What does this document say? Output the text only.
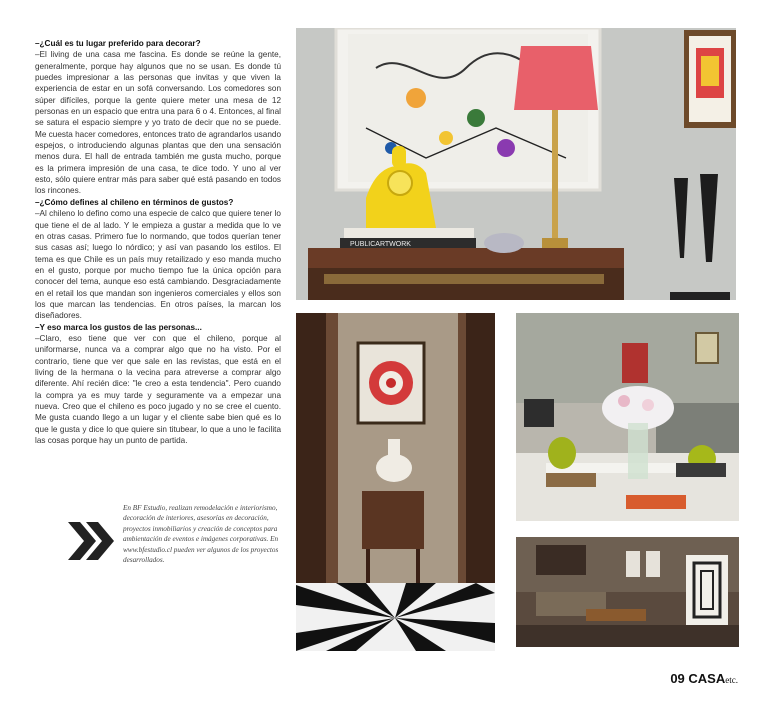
–¿Cuál es tu lugar preferido para decorar?

–El living de una casa me fascina. Es donde se reúne la gente, generalmente, porque hay algunos que no se usan. Es donde tú puedes impresionar a las personas que invitas y que viven la experiencia de estar en un sofá conversando. Los comedores son súper difíciles, porque la gente quiere meter una mesa de 12 personas en un espacio que entra una para 6 o 4. Entonces, al final se satura el espacio siempre y yo trato de decir que no se puede. Me cuesta hacer comedores, entonces trato de agrandarlos usando espejos, o introduciendo algunas plantas que den una sensación menos dura. El hall de entrada también me gusta mucho, porque es la primera impresión de una casa, te dice todo. Y uno al ver esto, sólo quiere entrar más para saber qué está pasando en todos los rincones.

–¿Cómo defines al chileno en términos de gustos?

–Al chileno lo defino como una especie de calco que quiere tener lo que tiene el de al lado. Y le empieza a gustar a medida que lo ve en otras casas. Primero fue lo normando, que todos querían tener sus casas así; luego lo nórdico; y así van pasando los estilos. El tema es que Chile es un país muy retailizado y eso manda mucho en el gusto, porque por mucho tiempo fue la única opción para conocer del tema, aunque eso está cambiando. Desgraciadamente en el retail los que mandan son ingenieros comerciales y ellos son los que marcan las tendencias. En otros países, la marcan los diseñadores.

–Y eso marca los gustos de las personas...

–Claro, eso tiene que ver con que el chileno, porque al uniformarse, nunca va a comprar algo que no ha visto. Por el contrario, tiene que ver que sale en las revistas, que está en el living de la hermana o la vecina para atreverse a comprar algo diferente. Ahí recién dice: "le creo a esta tendencia". Pero cuando la compra ya es muy tarde y seguramente va a empezar una nueva. Creo que el chileno es poco jugado y no se cree el cuento. Me gusta cuando llego a un lugar y el cliente sabe bien qué es lo que le gusta y dice lo que quiere sin titubear, lo que a uno le facilita las cosas porque hay un punto de partida.

En BF Estudio, realizan remodelación e interiorismo, decoración de interiores, asesorías en decoración, proyectos inmobiliarios y creación de conceptos para ambientación de eventos e imágenes corporativas. En www.bfestudio.cl pueden ver algunos de los proyectos desarrollados.
PUBLICARTWORK
09 CASAetc.
